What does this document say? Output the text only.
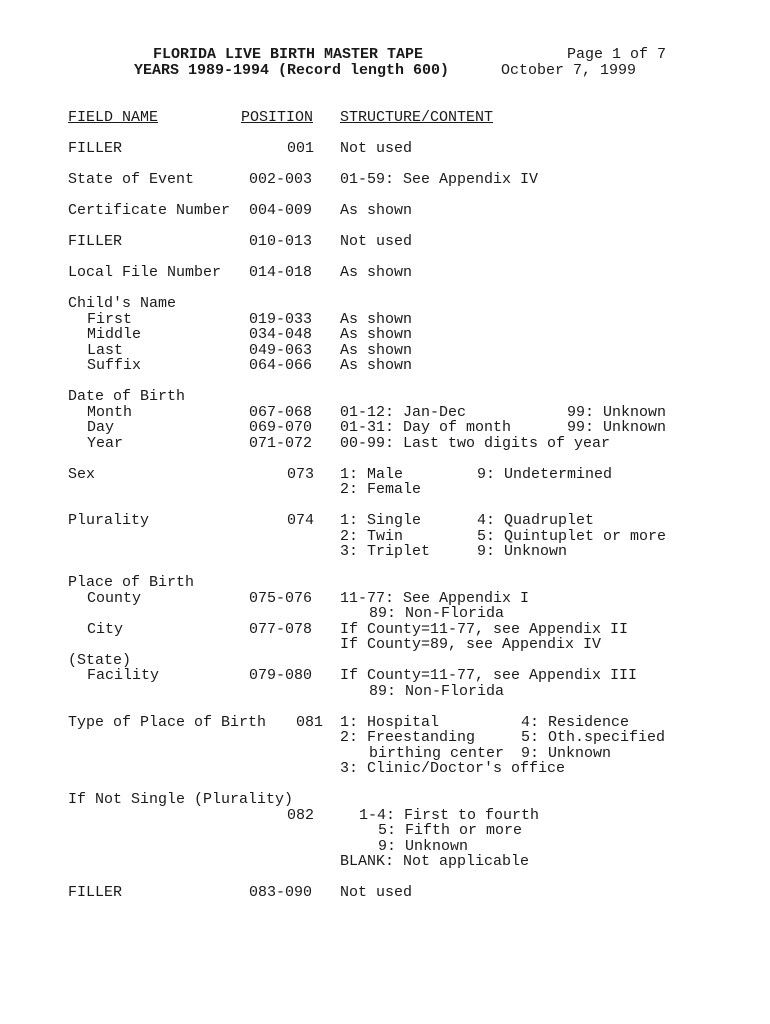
FLORIDA LIVE BIRTH MASTER TAPE
YEARS 1989-1994 (Record length 600)
Page 1 of 7
October 7, 1999
FIELD NAME	POSITION STRUCTURE/CONTENT
FILLER	001 Not used
State of Event	002-003 01-59: See Appendix IV
Certificate Number 004-009 As shown
FILLER	010-013 Not used
Local File Number 014-018 As shown
Child's Name
First	019-033 As shown
Middle	034-048 As shown
Last	049-063 As shown
Suffix	064-066 As shown
Date of Birth
Month	067-068 01-12: Jan-Dec	99: Unknown
Day	069-070 01-31: Day of month	99: Unknown
Year	071-072 00-99: Last two digits of year
Sex	073 1: Male	9: Undetermined
2: Female
Plurality	074 1: Single	4: Quadruplet
2: Twin	5: Quintuplet or more
3: Triplet	9: Unknown
Place of Birth
County	075-076 11-77: See Appendix I
89: Non-Florida
City	077-078 If County=11-77, see Appendix II
If County=89, see Appendix IV
(State)
Facility	079-080 If County=11-77, see Appendix III
89: Non-Florida
Type of Place of Birth 081 1: Hospital	4: Residence
2: Freestanding	5: Oth.specified
birthing center 9: Unknown
3: Clinic/Doctor's office
If Not Single (Plurality)
082	1-4: First to fourth
5: Fifth or more
9: Unknown
BLANK: Not applicable
FILLER	083-090 Not used
